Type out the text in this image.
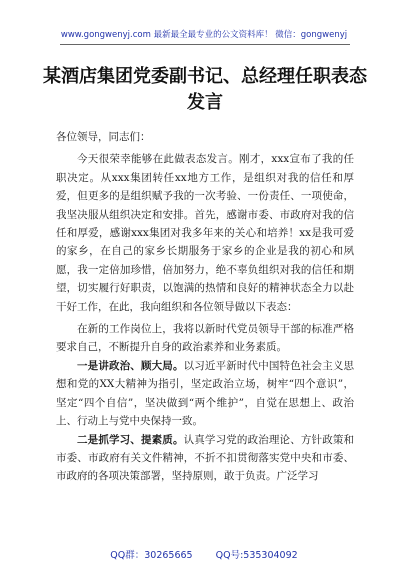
www.gongwenyj.com 最新最全最专业的公文资料库！ 微信：gongwenyj
某酒店集团党委副书记、总经理任职表态发言

各位领导，同志们：

今天很荣幸能够在此做表态发言。刚才，xxx宣布了我的任职决定。从xxx集团转任xx地方工作，是组织对我的信任和厚爱，但更多的是组织赋予我的一次考验、一份责任、一项使命，我坚决服从组织决定和安排。首先，感谢市委、市政府对我的信任和厚爱，感谢xxx集团对我多年来的关心和培养！xx是我可爱的家乡，在自己的家乡长期服务于家乡的企业是我的初心和夙愿，我一定倍加珍惜，倍加努力，绝不辜负组织对我的信任和期望，切实履行好职责，以饱满的热情和良好的精神状态全力以赴干好工作，在此，我向组织和各位领导做以下表态：

在新的工作岗位上，我将以新时代党员领导干部的标准严格要求自己，不断提升自身的政治素养和业务素质。

一是讲政治、顾大局。以习近平新时代中国特色社会主义思想和党的XX大精神为指引，坚定政治立场，树牢“四个意识”，坚定“四个自信”，坚决做到“两个维护”，自觉在思想上、政治上、行动上与党中央保持一致。

二是抓学习、提素质。认真学习党的政治理论、方针政策和市委、市政府有关文件精神，不折不扣贯彻落实党中央和市委、市政府的各项决策部署，坚持原则，敢于负责。广泛学习

QQ群：30265665 QQ号:535304092
